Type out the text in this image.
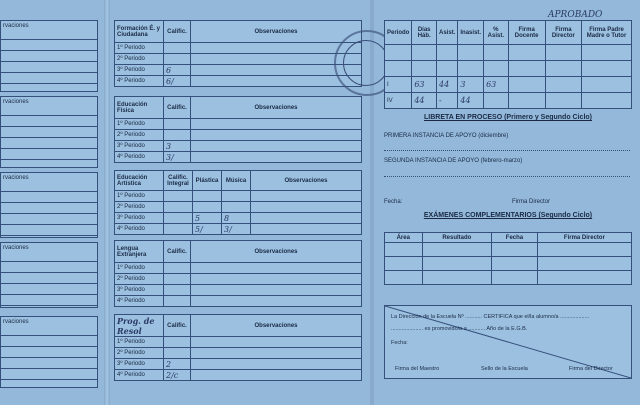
rvaciones
rvaciones
rvaciones
rvaciones
rvaciones
Formación É. y Ciudadana	Calific.	Observaciones
1º Periodo		
2º Periodo		
3º Periodo	6	
4º Periodo	6/	
Educación Física	Calific.	Observaciones
1º Periodo		
2º Periodo		
3º Periodo	3	
4º Periodo	3/	
Educación Artística	Calific. Integral	Plástica	Música	Observaciones
1º Periodo				
2º Periodo				
3º Periodo		5	8	
4º Periodo		5/	3/	
Lengua Extranjera	Calific.	Observaciones
1º Periodo		
2º Periodo		
3º Periodo		
4º Periodo		
Prog. de Resol	Calific.	Observaciones
1º Periodo		
2º Periodo		
3º Periodo	2	
4º Periodo	2/c	
APROBADO
Periodo	Días Háb.	Asist.	Inasist.	% Asist.	Firma Docente	Firma Director	Firma Padre Madre o Tutor

I	63	44	3	63			
IV	44	-	44				
LIBRETA EN PROCESO (Primero y Segundo Ciclo)
PRIMERA INSTANCIA DE APOYO (diciembre)
SEGUNDA INSTANCIA DE APOYO (febrero-marzo)
Fecha:	Firma Director
EXÁMENES COMPLEMENTARIOS (Segundo Ciclo)
Área	Resultado	Fecha	Firma Director

La Dirección de la Escuela Nº ........... CERTIFICA que el/la alumno/a ...................
..................... es promovido/a a ........... Año de la E.G.B.
Fecha:
Firma del Maestro	Sello de la Escuela	Firma del Director
